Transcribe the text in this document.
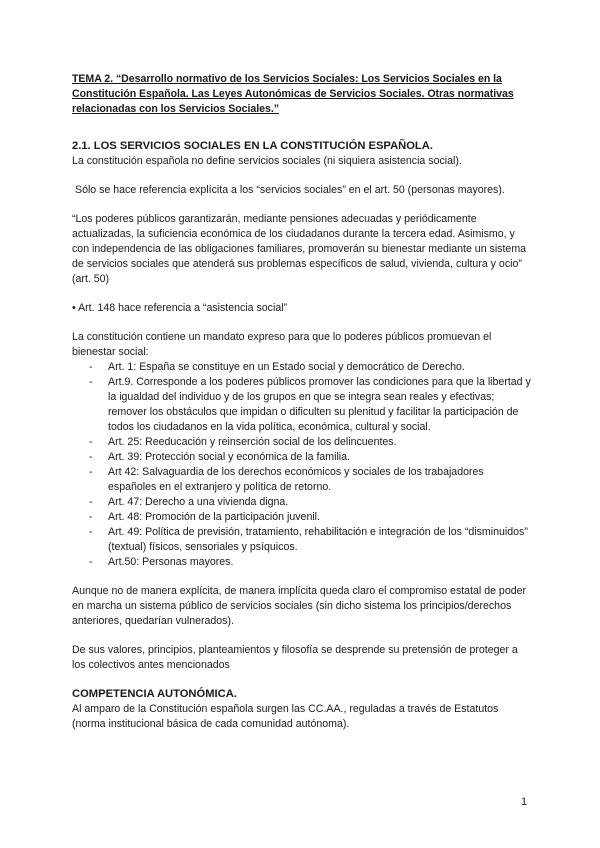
TEMA 2. “Desarrollo normativo de los Servicios Sociales: Los Servicios Sociales en la Constitución Española. Las Leyes Autonómicas de Servicios Sociales. Otras normativas relacionadas con los Servicios Sociales.”

2.1. LOS SERVICIOS SOCIALES EN LA CONSTITUCIÓN ESPAÑOLA.

La constitución española no define servicios sociales (ni siquiera asistencia social).

Sólo se hace referencia explícita a los “servicios sociales” en el art. 50 (personas mayores).

“Los poderes públicos garantizarán, mediante pensiones adecuadas y periódicamente actualizadas, la suficiencia económica de los ciudadanos durante la tercera edad. Asimismo, y con independencia de las obligaciones familiares, promoverán su bienestar mediante un sistema de servicios sociales que atenderá sus problemas específicos de salud, vivienda, cultura y ocio” (art. 50)

• Art. 148 hace referencia a “asistencia social”

La constitución contiene un mandato expreso para que lo poderes públicos promuevan el bienestar social:

- Art. 1: España se constituye en un Estado social y democrático de Derecho.
- Art.9. Corresponde a los poderes públicos promover las condiciones para que la libertad y la igualdad del individuo y de los grupos en que se integra sean reales y efectivas; remover los obstáculos que impidan o dificulten su plenitud y facilitar la participación de todos los ciudadanos en la vida política, económica, cultural y social.
- Art. 25: Reeducación y reinserción social de los delincuentes.
- Art. 39: Protección social y económica de la familia.
- Art 42: Salvaguardia de los derechos económicos y sociales de los trabajadores españoles en el extranjero y política de retorno.
- Art. 47: Derecho a una vivienda digna.
- Art. 48: Promoción de la participación juvenil.
- Art. 49: Política de previsión, tratamiento, rehabilitación e integración de los “disminuidos” (textual) físicos, sensoriales y psíquicos.
- Art.50: Personas mayores.

Aunque no de manera explícita, de manera implícita queda claro el compromiso estatal de poder en marcha un sistema público de servicios sociales (sin dicho sistema los principios/derechos anteriores, quedarían vulnerados).

De sus valores, principios, planteamientos y filosofía se desprende su pretensión de proteger a los colectivos antes mencionados

COMPETENCIA AUTONÓMICA.

Al amparo de la Constitución española surgen las CC.AA., reguladas a través de Estatutos (norma institucional básica de cada comunidad autónoma).

1
